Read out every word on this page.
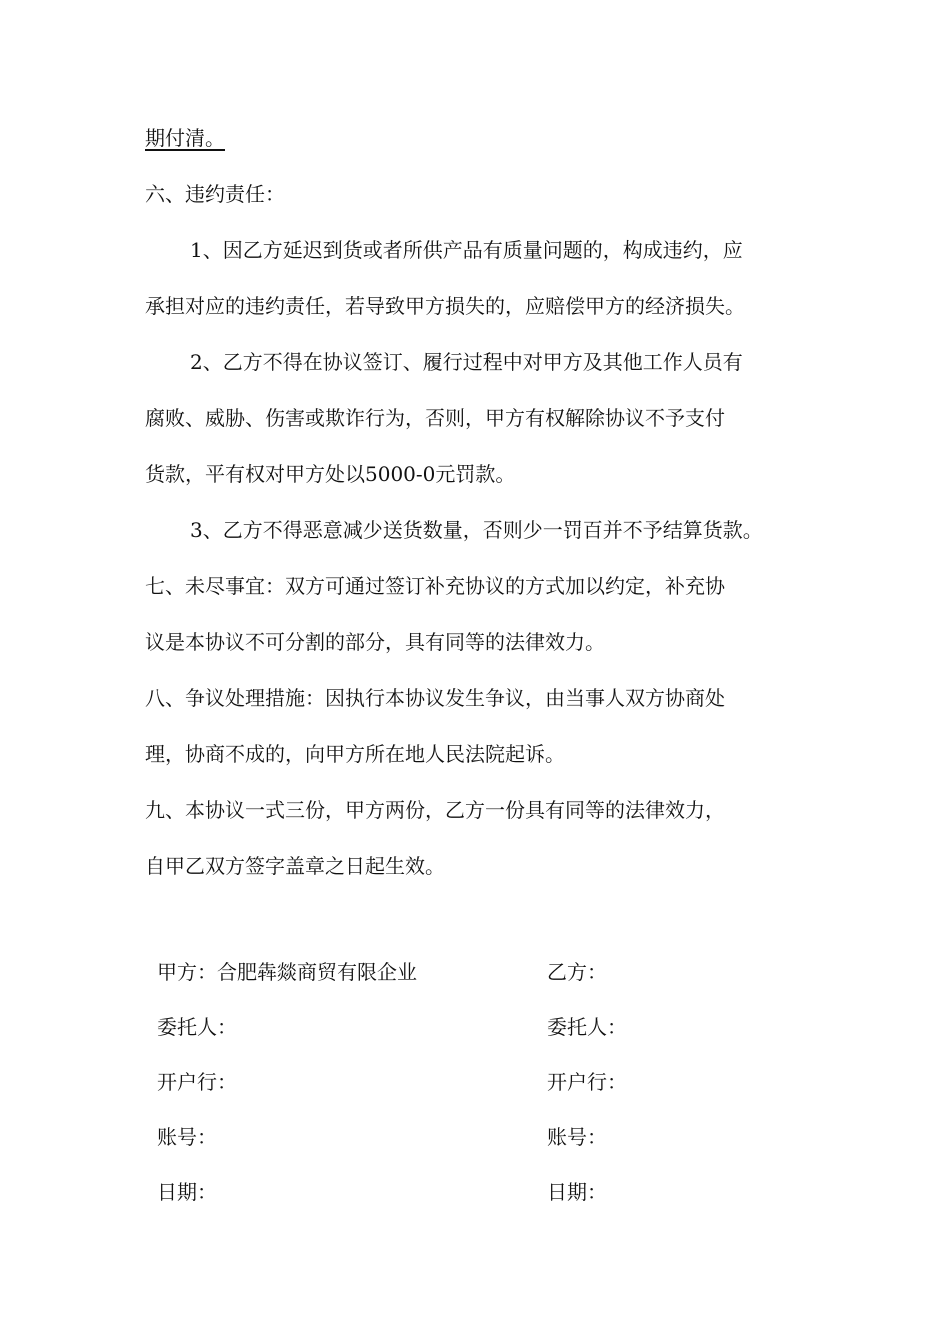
期付清。
六、违约责任：
1、因乙方延迟到货或者所供产品有质量问题的，构成违约，应
承担对应的违约责任，若导致甲方损失的，应赔偿甲方的经济损失。
2、乙方不得在协议签订、履行过程中对甲方及其他工作人员有
腐败、威胁、伤害或欺诈行为，否则，甲方有权解除协议不予支付
货款，平有权对甲方处以5000-0元罚款。
3、乙方不得恶意减少送货数量，否则少一罚百并不予结算货款。
七、未尽事宜：双方可通过签订补充协议的方式加以约定，补充协
议是本协议不可分割的部分，具有同等的法律效力。
八、争议处理措施：因执行本协议发生争议，由当事人双方协商处
理，协商不成的，向甲方所在地人民法院起诉。
九、本协议一式三份，甲方两份，乙方一份具有同等的法律效力，
自甲乙双方签字盖章之日起生效。
甲方：合肥犇燚商贸有限企业	乙方：
委托人：	委托人：
开户行：	开户行：
账号：	账号：
日期：	日期：
